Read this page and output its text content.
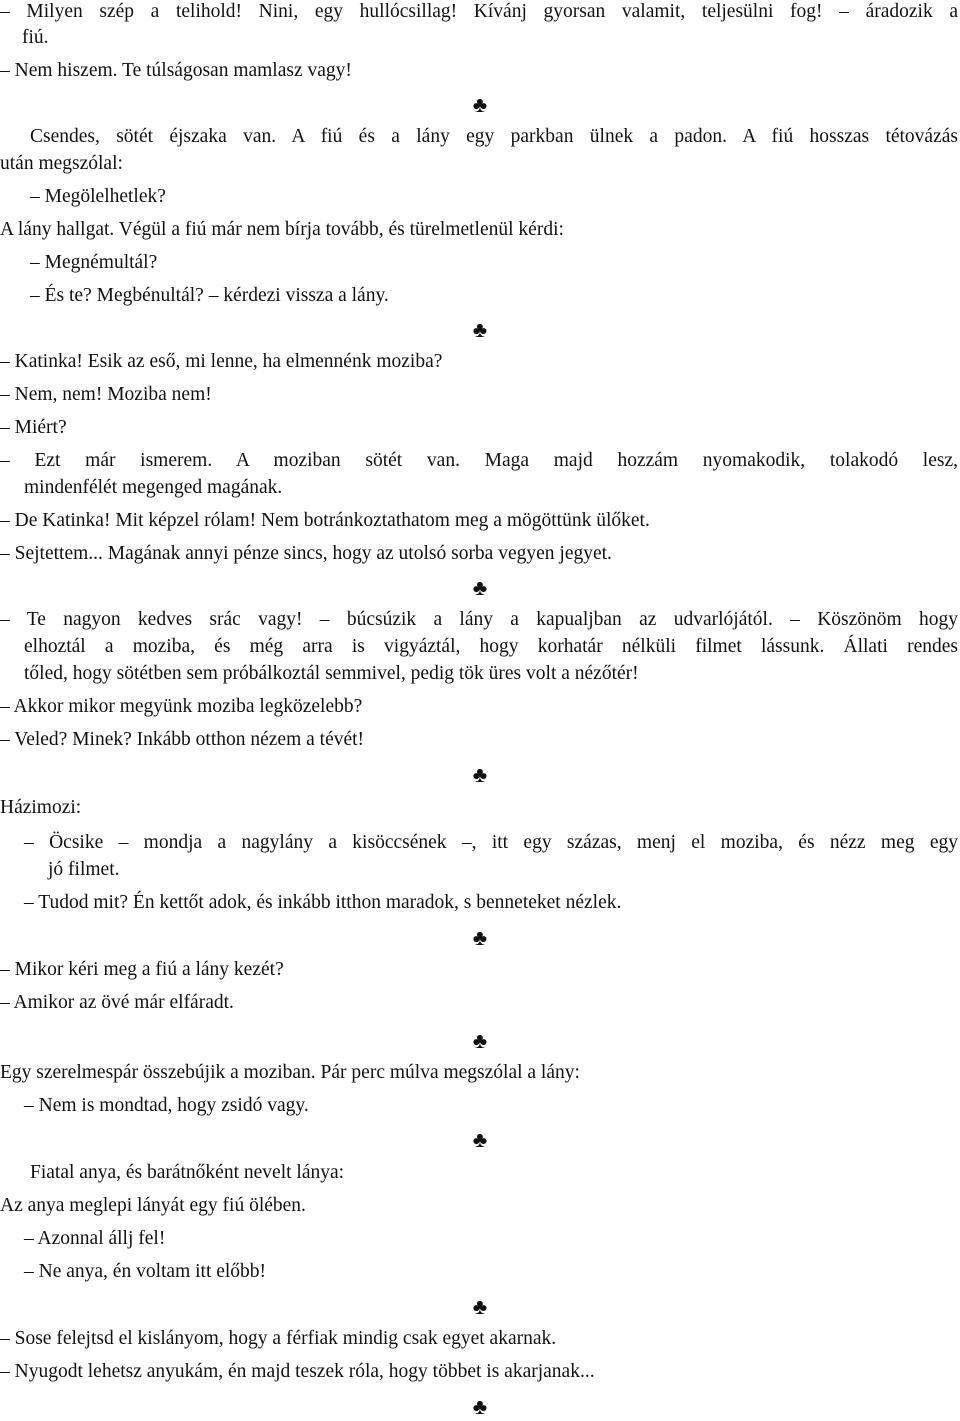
– Milyen szép a telihold! Nini, egy hullócsillag! Kívánj gyorsan valamit, teljesülni fog! – áradozik a
fiú.
– Nem hiszem. Te túlságosan mamlasz vagy!
Csendes, sötét éjszaka van. A fiú és a lány egy parkban ülnek a padon. A fiú hosszas tétovázás
után megszólal:
– Megölelhetlek?
A lány hallgat. Végül a fiú már nem bírja tovább, és türelmetlenül kérdi:
– Megnémultál?
– És te? Megbénultál? – kérdezi vissza a lány.
– Katinka! Esik az eső, mi lenne, ha elmennénk moziba?
– Nem, nem! Moziba nem!
– Miért?
– Ezt már ismerem. A moziban sötét van. Maga majd hozzám nyomakodik, tolakodó lesz,
mindenfélét megenged magának.
– De Katinka! Mit képzel rólam! Nem botránkoztathatom meg a mögöttünk ülőket.
– Sejtettem... Magának annyi pénze sincs, hogy az utolsó sorba vegyen jegyet.
– Te nagyon kedves srác vagy! – búcsúzik a lány a kapualjban az udvarlójától. – Köszönöm hogy
elhoztál a moziba, és még arra is vigyáztál, hogy korhatár nélküli filmet lássunk. Állati rendes
tőled, hogy sötétben sem próbálkoztál semmivel, pedig tök üres volt a nézőtér!
– Akkor mikor megyünk moziba legközelebb?
– Veled? Minek? Inkább otthon nézem a tévét!
Házimozi:
– Öcsike – mondja a nagylány a kisöccsének –, itt egy százas, menj el moziba, és nézz meg egy
jó filmet.
– Tudod mit? Én kettőt adok, és inkább itthon maradok, s benneteket nézlek.
– Mikor kéri meg a fiú a lány kezét?
– Amikor az övé már elfáradt.
Egy szerelmespár összebújik a moziban. Pár perc múlva megszólal a lány:
– Nem is mondtad, hogy zsidó vagy.
Fiatal anya, és barátnőként nevelt lánya:
Az anya meglepi lányát egy fiú ölében.
– Azonnal állj fel!
– Ne anya, én voltam itt előbb!
– Sose felejtsd el kislányom, hogy a férfiak mindig csak egyet akarnak.
– Nyugodt lehetsz anyukám, én majd teszek róla, hogy többet is akarjanak...
♣
♣
♣
♣
♣
♣
♣
♣
♣
